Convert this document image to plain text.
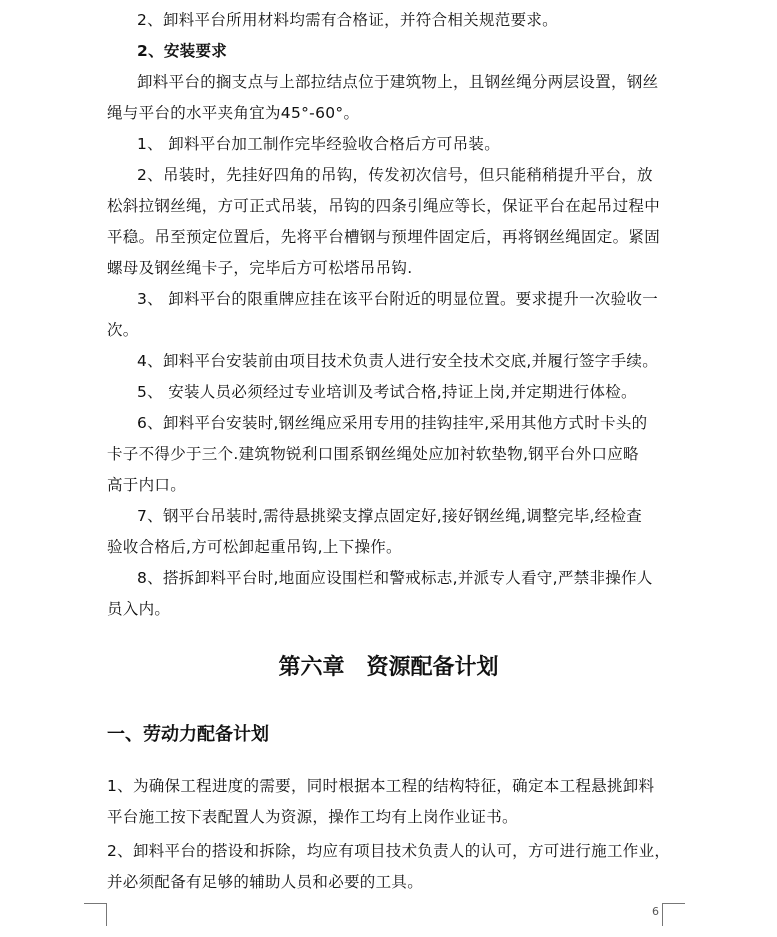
2、卸料平台所用材料均需有合格证，并符合相关规范要求。
2、安装要求
卸料平台的搁支点与上部拉结点位于建筑物上，且钢丝绳分两层设置，钢丝
绳与平台的水平夹角宜为45°-60°。
1、 卸料平台加工制作完毕经验收合格后方可吊装。
2、吊装时，先挂好四角的吊钩，传发初次信号，但只能稍稍提升平台，放
松斜拉钢丝绳，方可正式吊装，吊钩的四条引绳应等长，保证平台在起吊过程中
平稳。吊至预定位置后，先将平台槽钢与预埋件固定后，再将钢丝绳固定。紧固
螺母及钢丝绳卡子，完毕后方可松塔吊吊钩.
3、 卸料平台的限重牌应挂在该平台附近的明显位置。要求提升一次验收一
次。
4、卸料平台安装前由项目技术负责人进行安全技术交底,并履行签字手续。
5、 安装人员必须经过专业培训及考试合格,持证上岗,并定期进行体检。
6、卸料平台安装时,钢丝绳应采用专用的挂钩挂牢,采用其他方式时卡头的
卡子不得少于三个.建筑物锐利口围系钢丝绳处应加衬软垫物,钢平台外口应略
高于内口。
7、钢平台吊装时,需待悬挑梁支撑点固定好,接好钢丝绳,调整完毕,经检查
验收合格后,方可松卸起重吊钩,上下操作。
8、搭拆卸料平台时,地面应设围栏和警戒标志,并派专人看守,严禁非操作人
员入内。
第六章　资源配备计划
一、劳动力配备计划
1、为确保工程进度的需要，同时根据本工程的结构特征，确定本工程悬挑卸料
平台施工按下表配置人为资源，操作工均有上岗作业证书。
2、卸料平台的搭设和拆除，均应有项目技术负责人的认可，方可进行施工作业，
并必须配备有足够的辅助人员和必要的工具。
6
